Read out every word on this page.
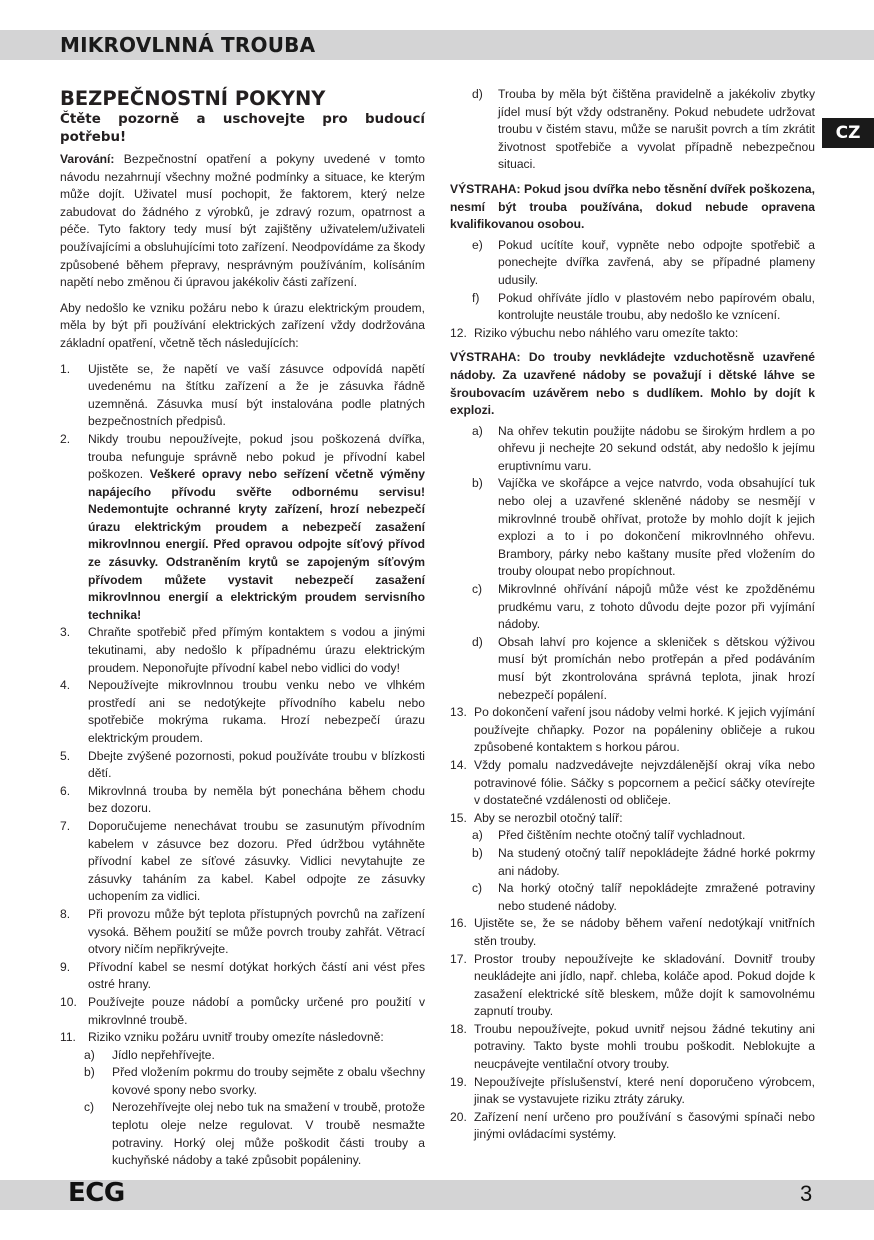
MIKROVLNNÁ TROUBA
CZ
BEZPEČNOSTNÍ POKYNY
Čtěte pozorně a uschovejte pro budoucí potřebu!
Varování: Bezpečnostní opatření a pokyny uvedené v tomto návodu nezahrnují všechny možné podmínky a situace, ke kterým může dojít. Uživatel musí pochopit, že faktorem, který nelze zabudovat do žádného z výrobků, je zdravý rozum, opatrnost a péče. Tyto faktory tedy musí být zajištěny uživatelem/uživateli používajícími a obsluhujícími toto zařízení. Neodpovídáme za škody způsobené během přepravy, nesprávným používáním, kolísáním napětí nebo změnou či úpravou jakékoliv části zařízení.
Aby nedošlo ke vzniku požáru nebo k úrazu elektrickým proudem, měla by být při používání elektrických zařízení vždy dodržována základní opatření, včetně těch následujících:
1.	Ujistěte se, že napětí ve vaší zásuvce odpovídá napětí uvedenému na štítku zařízení a že je zásuvka řádně uzemněná. Zásuvka musí být instalována podle platných bezpečnostních předpisů.
2.	Nikdy troubu nepoužívejte, pokud jsou poškozená dvířka, trouba nefunguje správně nebo pokud je přívodní kabel poškozen. Veškeré opravy nebo seřízení včetně výměny napájecího přívodu svěřte odbornému servisu! Nedemontujte ochranné kryty zařízení, hrozí nebezpečí úrazu elektrickým proudem a nebezpečí zasažení mikrovlnnou energií. Před opravou odpojte síťový přívod ze zásuvky. Odstraněním krytů se zapojeným síťovým přívodem můžete vystavit nebezpečí zasažení mikrovlnnou energií a elektrickým proudem servisního technika!
3.	Chraňte spotřebič před přímým kontaktem s vodou a jinými tekutinami, aby nedošlo k případnému úrazu elektrickým proudem. Neponořujte přívodní kabel nebo vidlici do vody!
4.	Nepoužívejte mikrovlnnou troubu venku nebo ve vlhkém prostředí ani se nedotýkejte přívodního kabelu nebo spotřebiče mokrýma rukama. Hrozí nebezpečí úrazu elektrickým proudem.
5.	Dbejte zvýšené pozornosti, pokud používáte troubu v blízkosti dětí.
6.	Mikrovlnná trouba by neměla být ponechána během chodu bez dozoru.
7.	Doporučujeme nenechávat troubu se zasunutým přívodním kabelem v zásuvce bez dozoru. Před údržbou vytáhněte přívodní kabel ze síťové zásuvky. Vidlici nevytahujte ze zásuvky taháním za kabel. Kabel odpojte ze zásuvky uchopením za vidlici.
8.	Při provozu může být teplota přístupných povrchů na zařízení vysoká. Během použití se může povrch trouby zahřát. Větrací otvory ničím nepřikrývejte.
9.	Přívodní kabel se nesmí dotýkat horkých částí ani vést přes ostré hrany.
10. Používejte pouze nádobí a pomůcky určené pro použití v mikrovlnné troubě.
11. Riziko vzniku požáru uvnitř trouby omezíte následovně:
a) Jídlo nepřehřívejte.
b) Před vložením pokrmu do trouby sejměte z obalu všechny kovové spony nebo svorky.
c) Nerozehřívejte olej nebo tuk na smažení v troubě, protože teplotu oleje nelze regulovat. V troubě nesmažte potraviny. Horký olej může poškodit části trouby a kuchyňské nádoby a také způsobit popáleniny.
d) Trouba by měla být čištěna pravidelně a jakékoliv zbytky jídel musí být vždy odstraněny. Pokud nebudete udržovat troubu v čistém stavu, může se narušit povrch a tím zkrátit životnost spotřebiče a vyvolat případně nebezpečnou situaci.
VÝSTRAHA: Pokud jsou dvířka nebo těsnění dvířek poškozena, nesmí být trouba používána, dokud nebude opravena kvalifikovanou osobou.
e) Pokud ucítíte kouř, vypněte nebo odpojte spotřebič a ponechejte dvířka zavřená, aby se případné plameny udusily.
f) Pokud ohříváte jídlo v plastovém nebo papírovém obalu, kontrolujte neustále troubu, aby nedošlo ke vznícení.
12. Riziko výbuchu nebo náhlého varu omezíte takto:
VÝSTRAHA: Do trouby nevkládejte vzduchotěsně uzavřené nádoby. Za uzavřené nádoby se považují i dětské láhve se šroubovacím uzávěrem nebo s dudlíkem. Mohlo by dojít k explozi.
a) Na ohřev tekutin použijte nádobu se širokým hrdlem a po ohřevu ji nechejte 20 sekund odstát, aby nedošlo k jejímu eruptivnímu varu.
b) Vajíčka ve skořápce a vejce natvrdo, voda obsahující tuk nebo olej a uzavřené skleněné nádoby se nesmějí v mikrovlnné troubě ohřívat, protože by mohlo dojít k jejich explozi a to i po dokončení mikrovlnného ohřevu. Brambory, párky nebo kaštany musíte před vložením do trouby oloupat nebo propíchnout.
c) Mikrovlnné ohřívání nápojů může vést ke zpožděnému prudkému varu, z tohoto důvodu dejte pozor při vyjímání nádoby.
d) Obsah lahví pro kojence a skleniček s dětskou výživou musí být promíchán nebo protřepán a před podáváním musí být zkontrolována správná teplota, jinak hrozí nebezpečí popálení.
13. Po dokončení vaření jsou nádoby velmi horké. K jejich vyjímání používejte chňapky. Pozor na popáleniny obličeje a rukou způsobené kontaktem s horkou párou.
14. Vždy pomalu nadzvedávejte nejvzdálenější okraj víka nebo potravinové fólie. Sáčky s popcornem a pečicí sáčky otevírejte v dostatečné vzdálenosti od obličeje.
15. Aby se nerozbil otočný talíř:
a) Před čištěním nechte otočný talíř vychladnout.
b) Na studený otočný talíř nepokládejte žádné horké pokrmy ani nádoby.
c) Na horký otočný talíř nepokládejte zmražené potraviny nebo studené nádoby.
16. Ujistěte se, že se nádoby během vaření nedotýkají vnitřních stěn trouby.
17. Prostor trouby nepoužívejte ke skladování. Dovnitř trouby neukládejte ani jídlo, např. chleba, koláče apod. Pokud dojde k zasažení elektrické sítě bleskem, může dojít k samovolnému zapnutí trouby.
18. Troubu nepoužívejte, pokud uvnitř nejsou žádné tekutiny ani potraviny. Takto byste mohli troubu poškodit. Neblokujte a neucpávejte ventilační otvory trouby.
19. Nepoužívejte příslušenství, které není doporučeno výrobcem, jinak se vystavujete riziku ztráty záruky.
20. Zařízení není určeno pro používání s časovými spínači nebo jinými ovládacími systémy.
ECG	3
